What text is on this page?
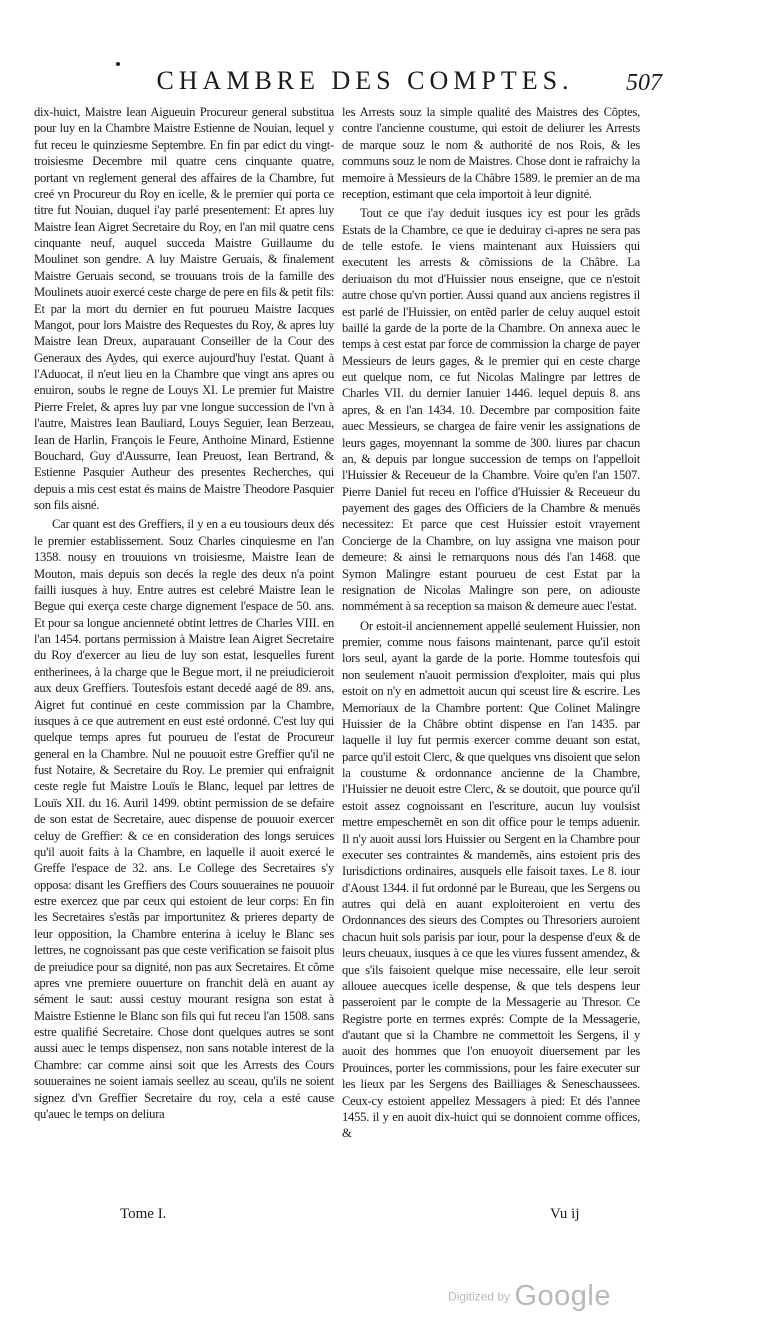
CHAMBRE DES COMPTES. 507

dix-huict, Maistre Iean Aigueuin Procureur general substitua pour luy en la Chambre Maistre Estienne de Nouian, lequel y fut receu le quinziesme Septembre. En fin par edict du vingt-troisiesme Decembre mil quatre cens cinquante quatre, portant vn reglement general des affaires de la Chambre, fut creé vn Procureur du Roy en icelle, & le premier qui porta ce titre fut Nouian, duquel i'ay parlé presentement: Et apres luy Maistre Iean Aigret Secretaire du Roy, en l'an mil quatre cens cinquante neuf, auquel succeda Maistre Guillaume du Moulinet son gendre. A luy Maistre Geruais, & finalement Maistre Geruais second, se trouuans trois de la famille des Moulinets auoir exercé ceste charge de pere en fils & petit fils: Et par la mort du dernier en fut pourueu Maistre Iacques Mangot, pour lors Maistre des Requestes du Roy, & apres luy Maistre Iean Dreux, auparauant Conseiller de la Cour des Generaux des Aydes, qui exerce aujourd'huy l'estat. Quant à l'Aduocat, il n'eut lieu en la Chambre que vingt ans apres ou enuiron, soubs le regne de Louys XI. Le premier fut Maistre Pierre Frelet, & apres luy par vne longue succession de l'vn à l'autre, Maistres Iean Bauliard, Louys Seguier, Iean Berzeau, Iean de Harlin, François le Feure, Anthoine Minard, Estienne Bouchard, Guy d'Aussurre, Iean Preuost, Iean Bertrand, & Estienne Pasquier Autheur des presentes Recherches, qui depuis a mis cest estat és mains de Maistre Theodore Pasquier son fils aisné.

Car quant est des Greffiers, il y en a eu tousiours deux dés le premier establissement. Souz Charles cinquiesme en l'an 1358. nousy en trouuions vn troisiesme, Maistre Iean de Mouton, mais depuis son decés la regle des deux n'a point failli iusques à huy. Entre autres est celebré Maistre Iean le Begue qui exerça ceste charge dignement l'espace de 50. ans. Et pour sa longue ancienneté obtint lettres de Charles VIII. en l'an 1454. portans permission à Maistre Iean Aigret Secretaire du Roy d'exercer au lieu de luy son estat, lesquelles furent entherinees, à la charge que le Begue mort, il ne preiudicieroit aux deux Greffiers. Toutesfois estant decedé aagé de 89. ans, Aigret fut continué en ceste commission par la Chambre, iusques à ce que autrement en eust esté ordonné. C'est luy qui quelque temps apres fut pourueu de l'estat de Procureur general en la Chambre. Nul ne pouuoit estre Greffier qu'il ne fust Notaire, & Secretaire du Roy. Le premier qui enfraignit ceste regle fut Maistre Louïs le Blanc, lequel par lettres de Louïs XII. du 16. Auril 1499. obtint permission de se defaire de son estat de Secretaire, auec dispense de pouuoir exercer celuy de Greffier: & ce en consideration des longs seruices qu'il auoit faits à la Chambre, en laquelle il auoit exercé le Greffe l'espace de 32. ans. Le College des Secretaires s'y opposa: disant les Greffiers des Cours souueraines ne pouuoir estre exercez que par ceux qui estoient de leur corps: En fin les Secretaires s'estãs par importunitez & prieres departy de leur opposition, la Chambre enterina à iceluy le Blanc ses lettres, ne cognoissant pas que ceste verification se faisoit plus de preiudice pour sa dignité, non pas aux Secretaires. Et cõme apres vne premiere ouuerture on franchit delà en auant ay sément le saut: aussi cestuy mourant resigna son estat à Maistre Estienne le Blanc son fils qui fut receu l'an 1508. sans estre qualifié Secretaire. Chose dont quelques autres se sont aussi auec le temps dispensez, non sans notable interest de la Chambre: car comme ainsi soit que les Arrests des Cours souueraines ne soient iamais seellez au sceau, qu'ils ne soient signez d'vn Greffier Secretaire du roy, cela a esté cause qu'auec le temps on deliura

les Arrests souz la simple qualité des Maistres des Cõptes, contre l'ancienne coustume, qui estoit de deliurer les Arrests de marque souz le nom & authorité de nos Rois, & les communs souz le nom de Maistres. Chose dont ie rafraichy la memoire à Messieurs de la Châbre 1589. le premier an de ma reception, estimant que cela importoit à leur dignité.

Tout ce que i'ay deduit iusques icy est pour les grãds Estats de la Chambre, ce que ie deduiray ci-apres ne sera pas de telle estofe. Ie viens maintenant aux Huissiers qui executent les arrests & cõmissions de la Châbre. La deriuaison du mot d'Huissier nous enseigne, que ce n'estoit autre chose qu'vn portier. Aussi quand aux anciens registres il est parlé de l'Huissier, on entẽd parler de celuy auquel estoit baillé la garde de la porte de la Chambre. On annexa auec le temps à cest estat par force de commission la charge de payer Messieurs de leurs gages, & le premier qui en ceste charge eut quelque nom, ce fut Nicolas Malingre par lettres de Charles VII. du dernier Ianuier 1446. lequel depuis 8. ans apres, & en l'an 1434. 10. Decembre par composition faite auec Messieurs, se chargea de faire venir les assignations de leurs gages, moyennant la somme de 300. liures par chacun an, & depuis par longue succession de temps on l'appelloit l'Huissier & Receueur de la Chambre. Voire qu'en l'an 1507. Pierre Daniel fut receu en l'office d'Huissier & Receueur du payement des gages des Officiers de la Chambre & menuës necessitez: Et parce que cest Huissier estoit vrayement Concierge de la Chambre, on luy assigna vne maison pour demeure: & ainsi le remarquons nous dés l'an 1468. que Symon Malingre estant pourueu de cest Estat par la resignation de Nicolas Malingre son pere, on adiouste nommément à sa reception sa maison & demeure auec l'estat.

Or estoit-il anciennement appellé seulement Huissier, non premier, comme nous faisons maintenant, parce qu'il estoit lors seul, ayant la garde de la porte. Homme toutesfois qui non seulement n'auoit permission d'exploiter, mais qui plus estoit on n'y en admettoit aucun qui sceust lire & escrire. Les Memoriaux de la Chambre portent: Que Colinet Malingre Huissier de la Châbre obtint dispense en l'an 1435. par laquelle il luy fut permis exercer comme deuant son estat, parce qu'il estoit Clerc, & que quelques vns disoient que selon la coustume & ordonnance ancienne de la Chambre, l'Huissier ne deuoit estre Clerc, & se doutoit, que pource qu'il estoit assez cognoissant en l'escriture, aucun luy voulsist mettre empeschemẽt en son dit office pour le temps aduenir. Il n'y auoit aussi lors Huissier ou Sergent en la Chambre pour executer ses contraintes & mandemẽs, ains estoient pris des Iurisdictions ordinaires, ausquels elle faisoit taxes. Le 8. iour d'Aoust 1344. il fut ordonné par le Bureau, que les Sergens ou autres qui delà en auant exploiteroient en vertu des Ordonnances des sieurs des Comptes ou Thresoriers auroient chacun huit sols parisis par iour, pour la despense d'eux & de leurs cheuaux, iusques à ce que les viures fussent amendez, & que s'ils faisoient quelque mise necessaire, elle leur seroit allouee auecques icelle despense, & que tels despens leur passeroient par le compte de la Messagerie au Thresor. Ce Registre porte en termes exprés: Compte de la Messagerie, d'autant que si la Chambre ne commettoit les Sergens, il y auoit des hommes que l'on enuoyoit diuersement par les Prouinces, porter les commissions, pour les faire executer sur les lieux par les Sergens des Bailliages & Seneschaussees. Ceux-cy estoient appellez Messagers à pied: Et dés l'annee 1455. il y en auoit dix-huict qui se donnoient comme offices, &

Tome I.	Vu ij
Digitized by Google
